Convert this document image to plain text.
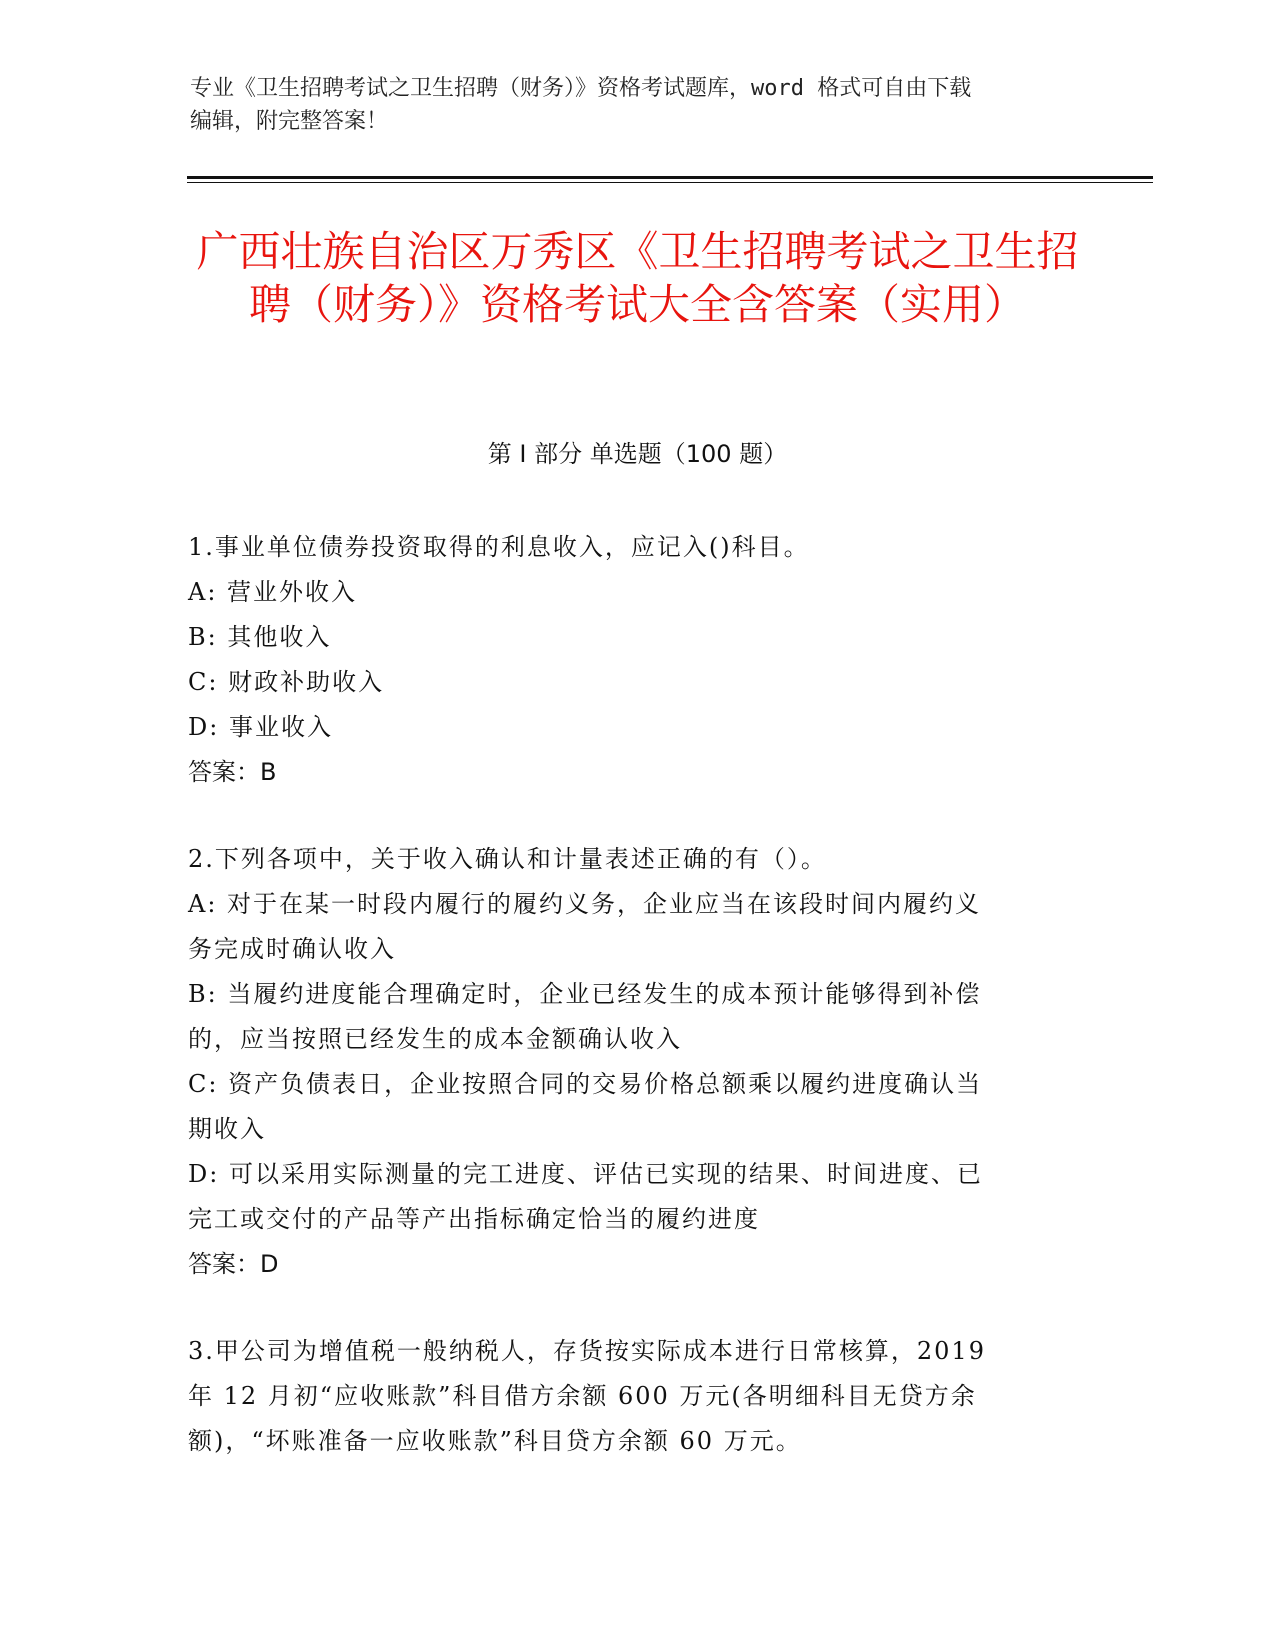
专业《卫生招聘考试之卫生招聘（财务）》资格考试题库，word 格式可自由下载

编辑，附完整答案！

广西壮族自治区万秀区《卫生招聘考试之卫生招聘（财务）》资格考试大全含答案（实用）
第 I 部分 单选题（100 题）

1.事业单位债券投资取得的利息收入，应记入()科目。

A: 营业外收入

B: 其他收入

C: 财政补助收入

D: 事业收入

答案：B

2.下列各项中，关于收入确认和计量表述正确的有（）。

A: 对于在某一时段内履行的履约义务，企业应当在该段时间内履约义

务完成时确认收入

B: 当履约进度能合理确定时，企业已经发生的成本预计能够得到补偿

的，应当按照已经发生的成本金额确认收入

C: 资产负债表日，企业按照合同的交易价格总额乘以履约进度确认当

期收入

D: 可以采用实际测量的完工进度、评估已实现的结果、时间进度、已

完工或交付的产品等产出指标确定恰当的履约进度

答案：D

3.甲公司为增值税一般纳税人，存货按实际成本进行日常核算，2019

年 12 月初“应收账款”科目借方余额 600 万元(各明细科目无贷方余

额)，“坏账准备一应收账款”科目贷方余额 60 万元。
